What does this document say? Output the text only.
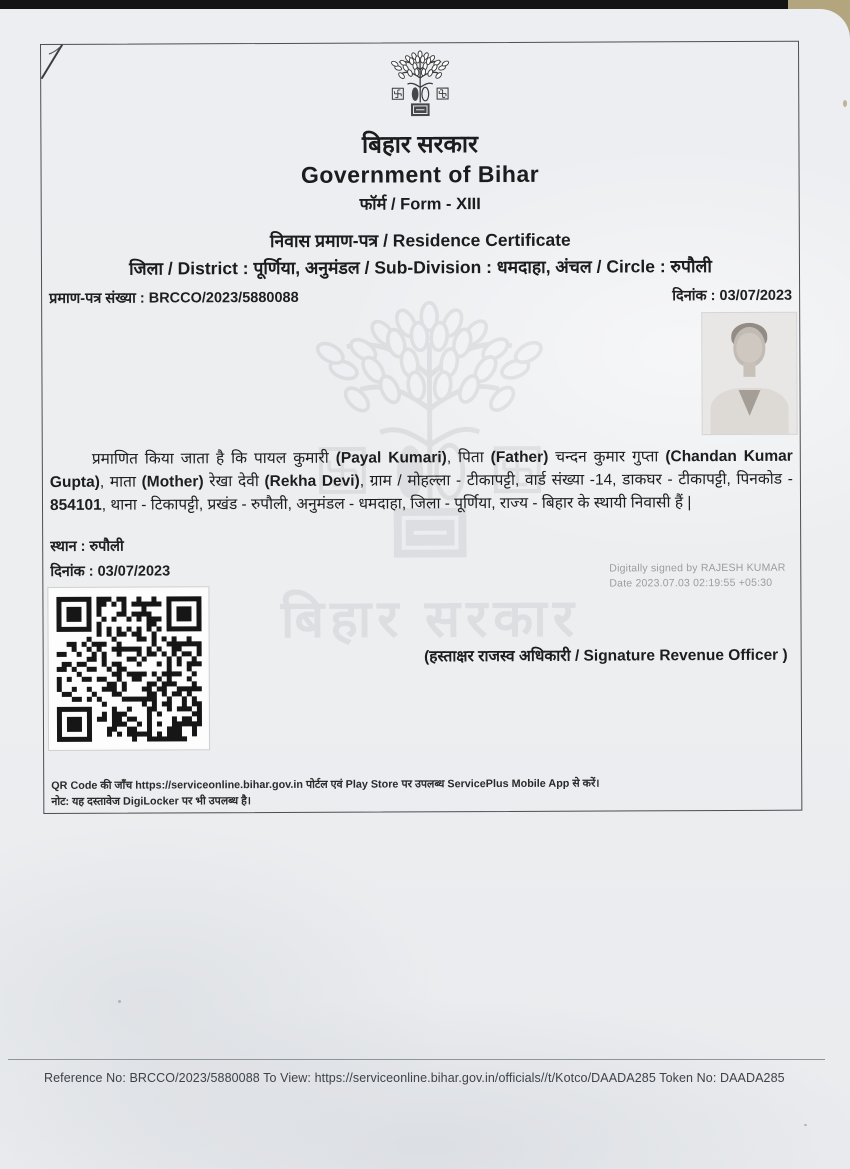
बिहार सरकार
बिहार सरकार
Government of Bihar
फॉर्म / Form - XIII
निवास प्रमाण-पत्र / Residence Certificate
जिला / District : पूर्णिया, अनुमंडल / Sub-Division : धमदाहा, अंचल / Circle : रुपौली
प्रमाण-पत्र संख्या : BRCCO/2023/5880088	दिनांक : 03/07/2023
प्रमाणित किया जाता है कि पायल कुमारी (Payal Kumari), पिता (Father) चन्दन कुमार गुप्ता (Chandan Kumar Gupta), माता (Mother) रेखा देवी (Rekha Devi), ग्राम / मोहल्ला - टीकापट्टी, वार्ड संख्या -14, डाकघर - टीकापट्टी, पिनकोड - 854101, थाना - टिकापट्टी, प्रखंड - रुपौली, अनुमंडल - धमदाहा, जिला - पूर्णिया, राज्य - बिहार के स्थायी निवासी हैं |
स्थान : रुपौली
दिनांक : 03/07/2023	Digitally signed by RAJESH KUMAR
Date 2023.07.03 02:19:55 +05:30
(हस्ताक्षर राजस्व अधिकारी / Signature Revenue Officer )
QR Code की जाँच https://serviceonline.bihar.gov.in पोर्टल एवं Play Store पर उपलब्ध ServicePlus Mobile App से करें।
नोट: यह दस्तावेज DigiLocker पर भी उपलब्ध है।
Reference No: BRCCO/2023/5880088 To View: https://serviceonline.bihar.gov.in/officials//t/Kotco/DAADA285 Token No: DAADA285
